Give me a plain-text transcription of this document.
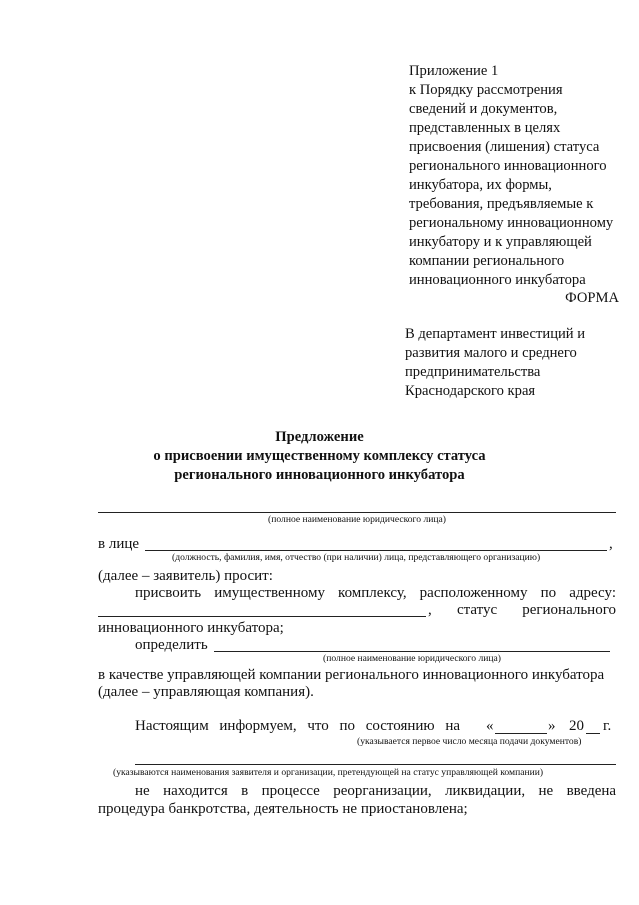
Приложение 1
к Порядку рассмотрения
сведений и документов,
представленных в целях
присвоения (лишения) статуса
регионального инновационного
инкубатора, их формы,
требования, предъявляемые к
региональному инновационному
инкубатору и к управляющей
компании регионального
инновационного инкубатора
ФОРМА
В департамент инвестиций и
развития малого и среднего
предпринимательства
Краснодарского края
Предложение
о присвоении имущественному комплексу статуса
регионального инновационного инкубатора
(полное наименование юридического лица)
в лице	,
(должность, фамилия, имя, отчество (при наличии) лица, представляющего организацию)
(далее – заявитель) просит:
присвоить имущественному комплексу, расположенному по адресу:
, статус регионального
инновационного инкубатора;
определить
(полное наименование юридического лица)
в качестве управляющей компании регионального инновационного инкубатора
(далее – управляющая компания).
Настоящим информуем, что по состоянию на «	» 20 г.
(указывается первое число месяца подачи документов)
(указываются наименования заявителя и организации, претендующей на статус управляющей компании)
не находится в процессе реорганизации, ликвидации, не введена
процедура банкротства, деятельность не приостановлена;
